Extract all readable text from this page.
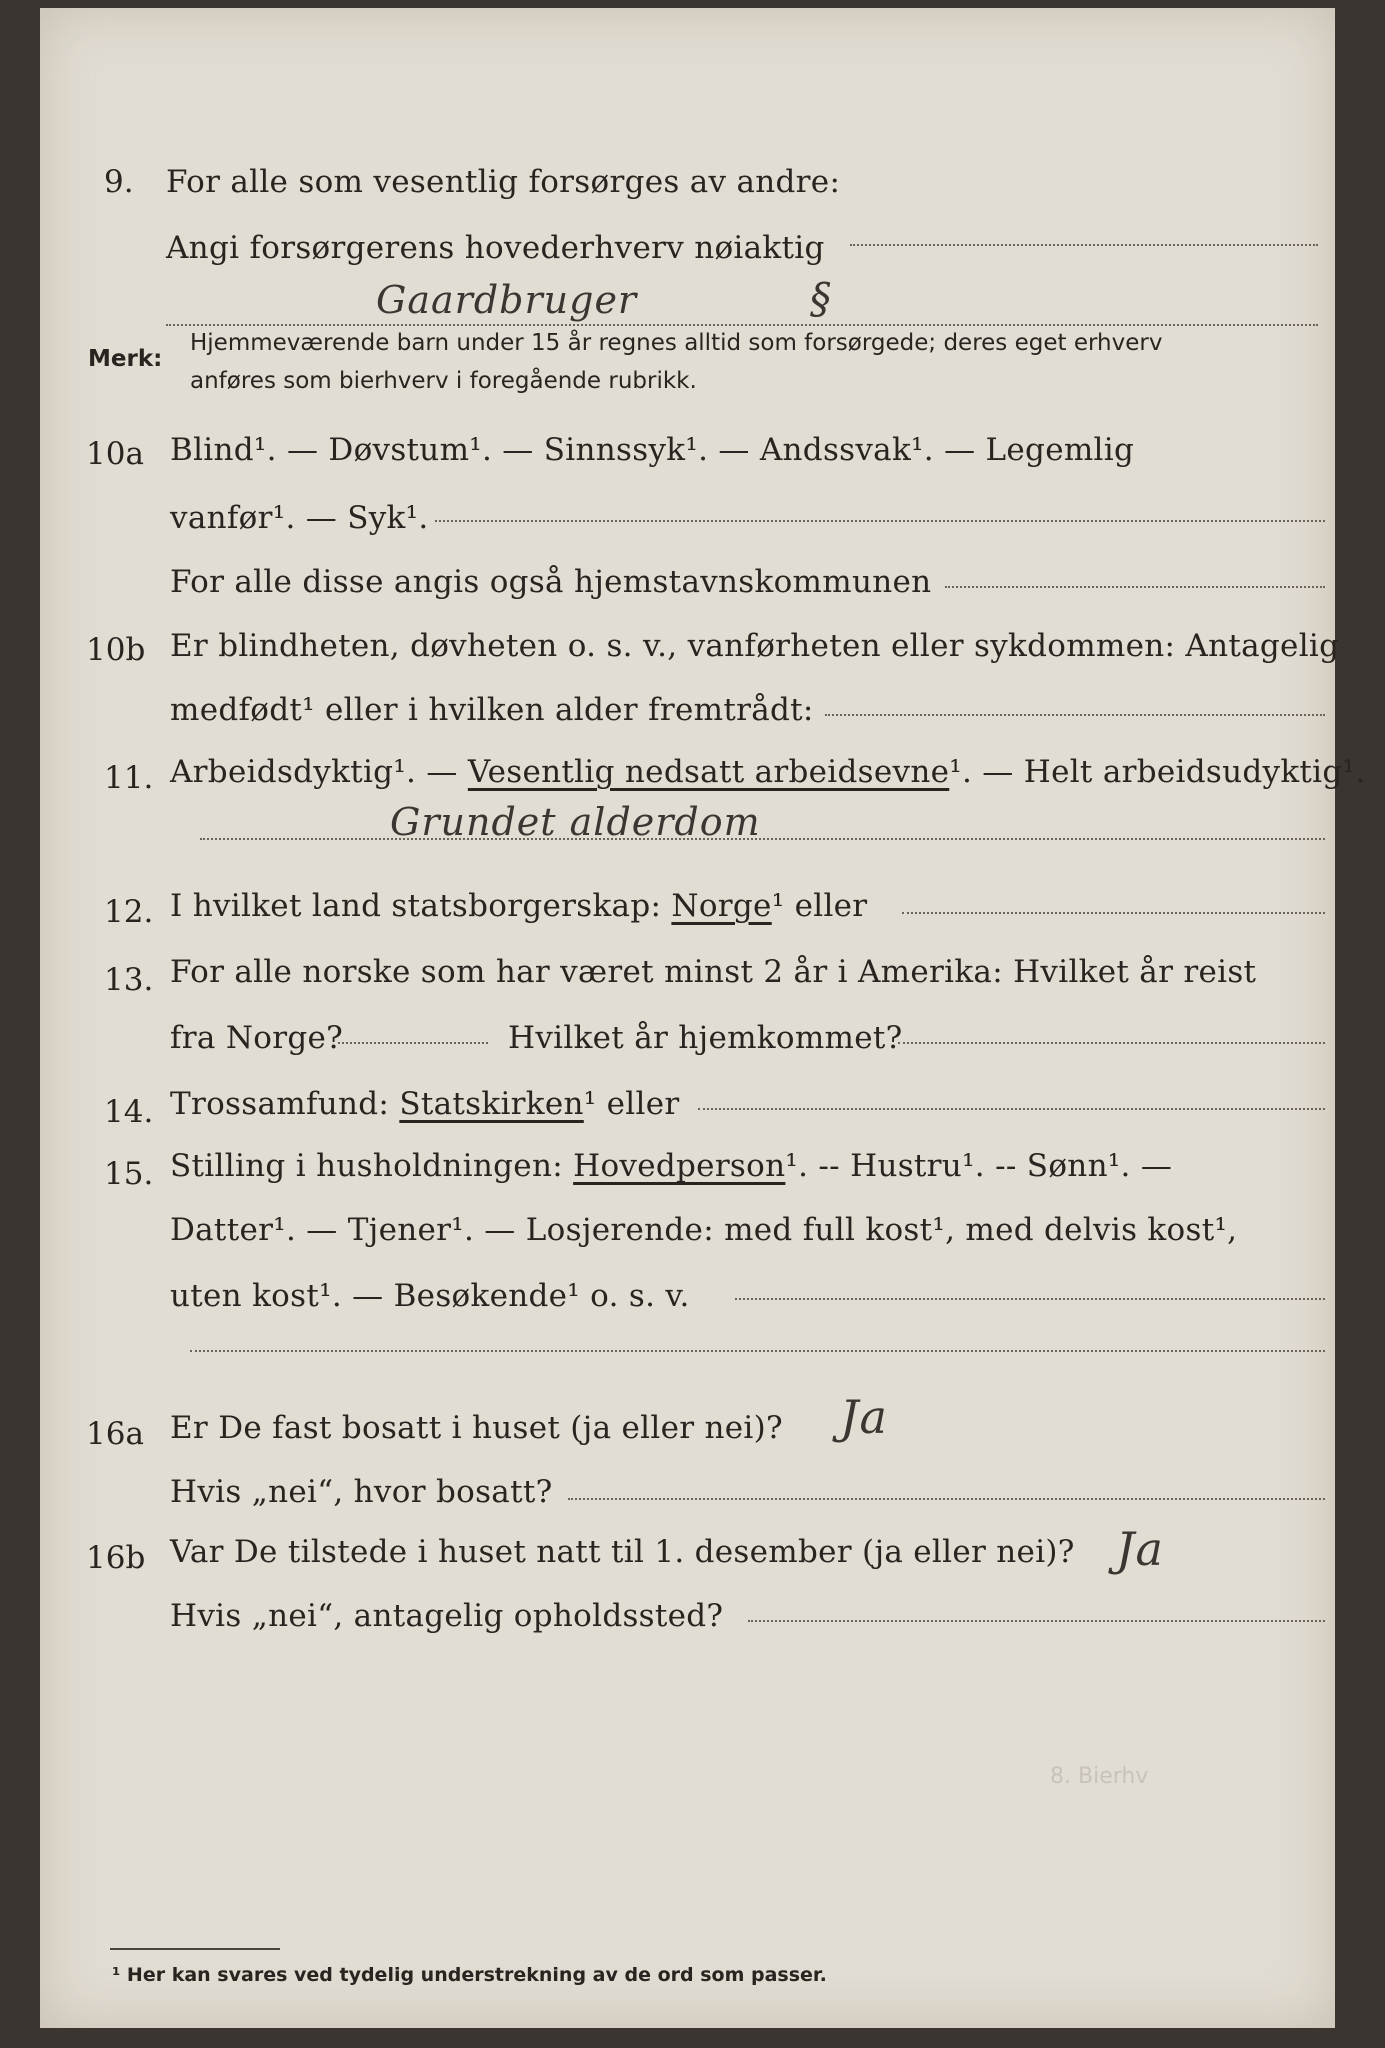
9. For alle som vesentlig forsørges av andre:
Angi forsørgerens hovederhverv nøiaktig
Gaardbruger	§
Merk:
Hjemmeværende barn under 15 år regnes alltid som forsørgede; deres eget erhverv
anføres som bierhverv i foregående rubrikk.
10a Blind¹. — Døvstum¹. — Sinnssyk¹. — Andssvak¹. — Legemlig
vanfør¹. — Syk¹.
For alle disse angis også hjemstavnskommunen
10b Er blindheten, døvheten o. s. v., vanførheten eller sykdommen: Antagelig
medfødt¹ eller i hvilken alder fremtrådt:
11. Arbeidsdyktig¹. — Vesentlig nedsatt arbeidsevne¹. — Helt arbeidsudyktig¹.
Grundet alderdom
12. I hvilket land statsborgerskap: Norge¹ eller
13. For alle norske som har været minst 2 år i Amerika: Hvilket år reist
fra Norge?	Hvilket år hjemkommet?
14. Trossamfund: Statskirken¹ eller
15. Stilling i husholdningen: Hovedperson¹. -- Hustru¹. -- Sønn¹. —
Datter¹. — Tjener¹. — Losjerende: med full kost¹, med delvis kost¹,
uten kost¹. — Besøkende¹ o. s. v.
16a Er De fast bosatt i huset (ja eller nei)? Ja
Hvis „nei“, hvor bosatt?
16b Var De tilstede i huset natt til 1. desember (ja eller nei)? Ja
Hvis „nei“, antagelig opholdssted?
8. Bierhv
¹ Her kan svares ved tydelig understrekning av de ord som passer.
